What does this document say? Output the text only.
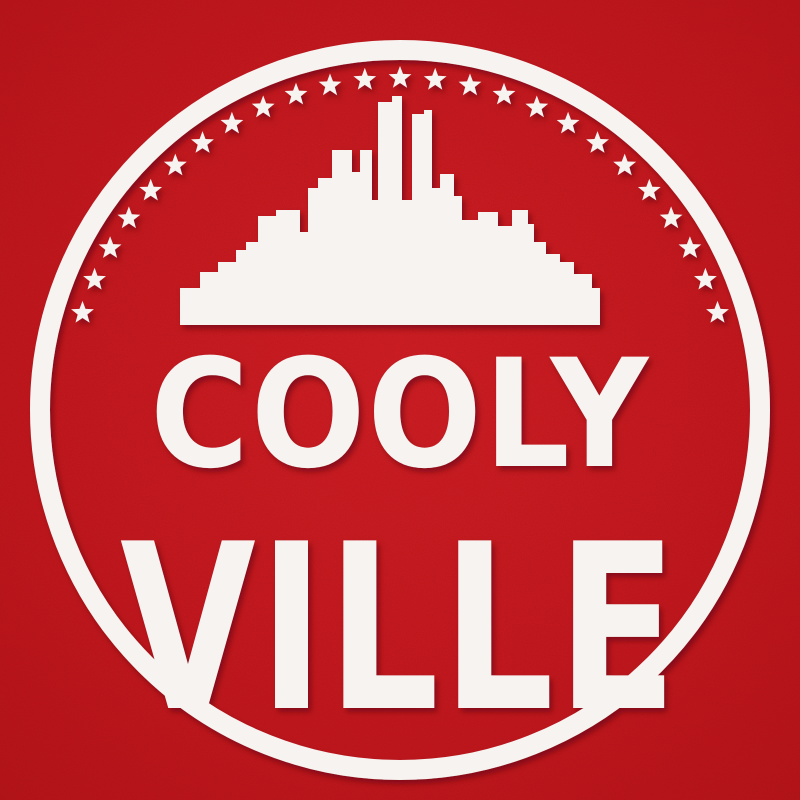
COOLY
VILLE
